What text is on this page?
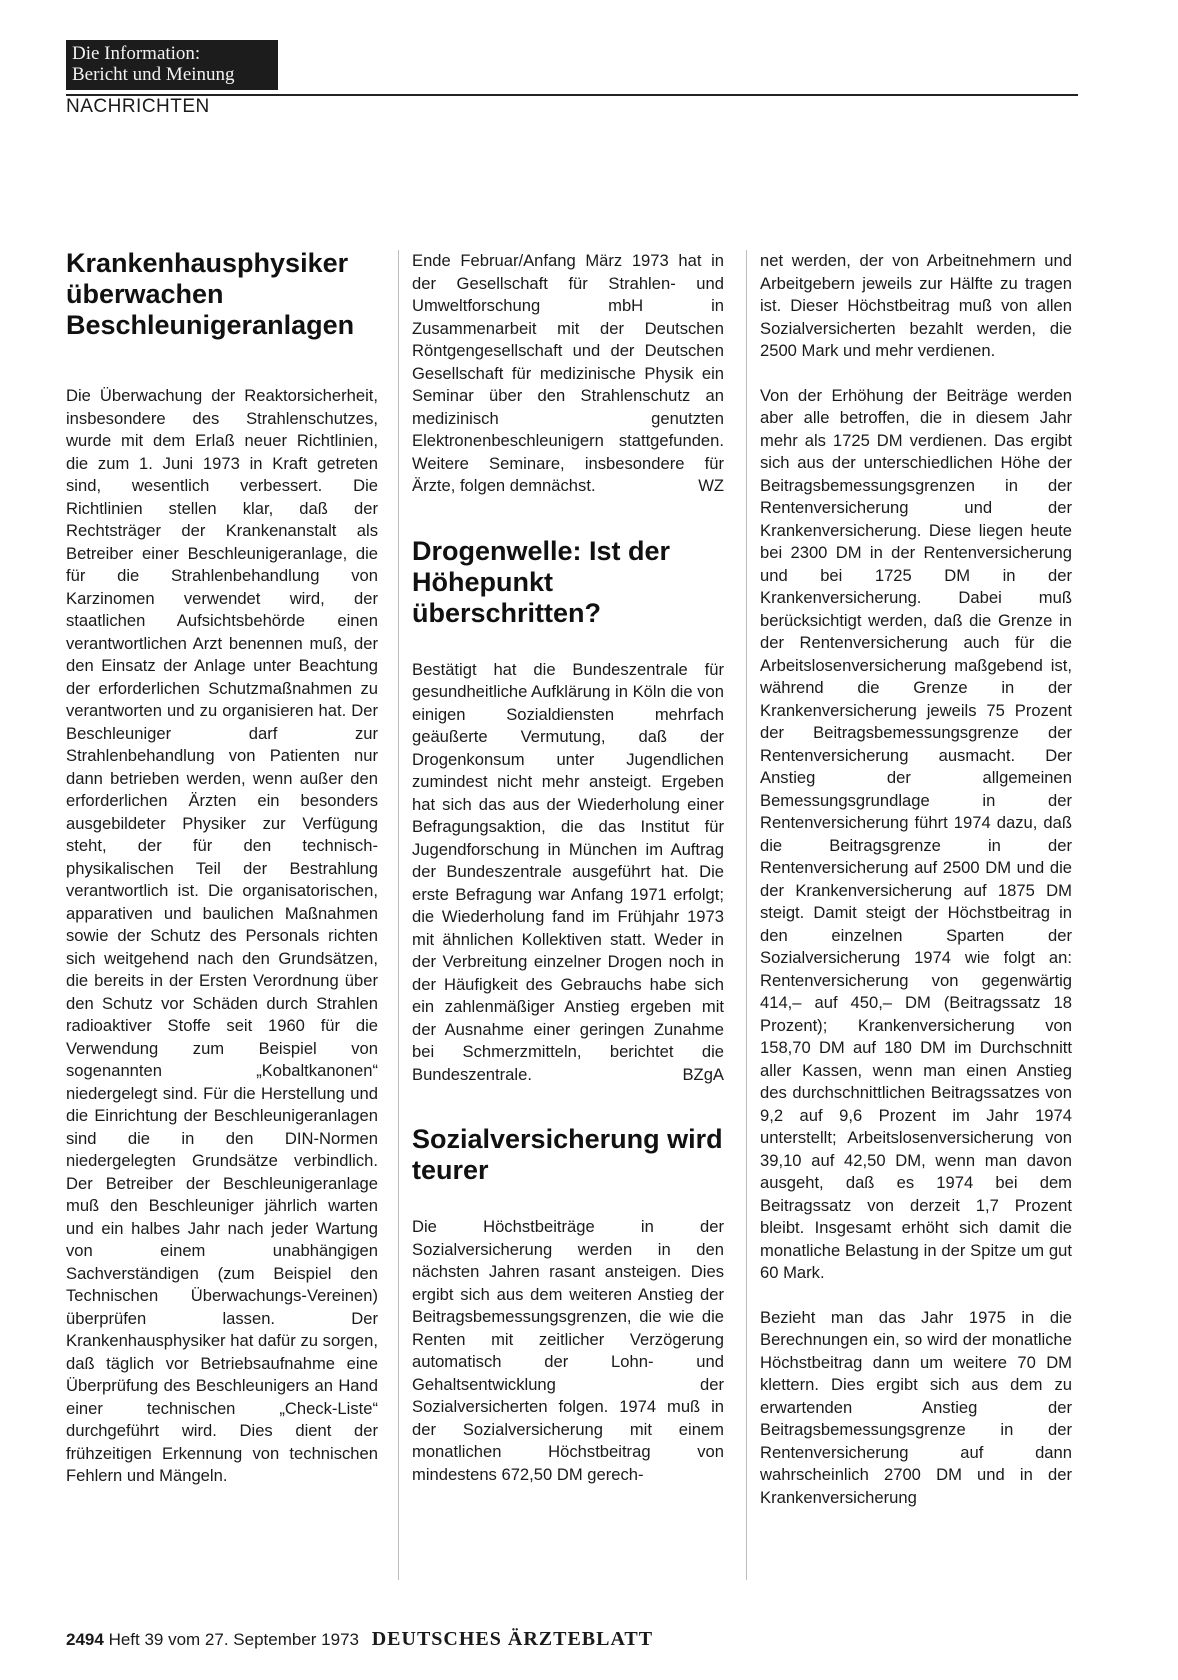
Die Information:
Bericht und Meinung
NACHRICHTEN
Krankenhausphysiker überwachen Beschleunigeranlagen

Die Überwachung der Reaktorsicherheit, insbesondere des Strahlenschutzes, wurde mit dem Erlaß neuer Richtlinien, die zum 1. Juni 1973 in Kraft getreten sind, wesentlich verbessert. Die Richtlinien stellen klar, daß der Rechtsträger der Krankenanstalt als Betreiber einer Beschleunigeranlage, die für die Strahlenbehandlung von Karzinomen verwendet wird, der staatlichen Aufsichtsbehörde einen verantwortlichen Arzt benennen muß, der den Einsatz der Anlage unter Beachtung der erforderlichen Schutzmaßnahmen zu verantworten und zu organisieren hat. Der Beschleuniger darf zur Strahlenbehandlung von Patienten nur dann betrieben werden, wenn außer den erforderlichen Ärzten ein besonders ausgebildeter Physiker zur Verfügung steht, der für den technisch-physikalischen Teil der Bestrahlung verantwortlich ist. Die organisatorischen, apparativen und baulichen Maßnahmen sowie der Schutz des Personals richten sich weitgehend nach den Grundsätzen, die bereits in der Ersten Verordnung über den Schutz vor Schäden durch Strahlen radioaktiver Stoffe seit 1960 für die Verwendung zum Beispiel von sogenannten „Kobaltkanonen“ niedergelegt sind. Für die Herstellung und die Einrichtung der Beschleunigeranlagen sind die in den DIN-Normen niedergelegten Grundsätze verbindlich. Der Betreiber der Beschleunigeranlage muß den Beschleuniger jährlich warten und ein halbes Jahr nach jeder Wartung von einem unabhängigen Sachverständigen (zum Beispiel den Technischen Überwachungs-Vereinen) überprüfen lassen. Der Krankenhausphysiker hat dafür zu sorgen, daß täglich vor Betriebsaufnahme eine Überprüfung des Beschleunigers an Hand einer technischen „Check-Liste“ durchgeführt wird. Dies dient der frühzeitigen Erkennung von technischen Fehlern und Mängeln.

Ende Februar/Anfang März 1973 hat in der Gesellschaft für Strahlen- und Umweltforschung mbH in Zusammenarbeit mit der Deutschen Röntgengesellschaft und der Deutschen Gesellschaft für medizinische Physik ein Seminar über den Strahlenschutz an medizinisch genutzten Elektronenbeschleunigern stattgefunden. Weitere Seminare, insbesondere für Ärzte, folgen demnächst.	WZ
Drogenwelle: Ist der Höhepunkt überschritten?

Bestätigt hat die Bundeszentrale für gesundheitliche Aufklärung in Köln die von einigen Sozialdiensten mehrfach geäußerte Vermutung, daß der Drogenkonsum unter Jugendlichen zumindest nicht mehr ansteigt. Ergeben hat sich das aus der Wiederholung einer Befragungsaktion, die das Institut für Jugendforschung in München im Auftrag der Bundeszentrale ausgeführt hat. Die erste Befragung war Anfang 1971 erfolgt; die Wiederholung fand im Frühjahr 1973 mit ähnlichen Kollektiven statt. Weder in der Verbreitung einzelner Drogen noch in der Häufigkeit des Gebrauchs habe sich ein zahlenmäßiger Anstieg ergeben mit der Ausnahme einer geringen Zunahme bei Schmerzmitteln, berichtet die Bundeszentrale.	BZgA
Sozialversicherung wird teurer

Die Höchstbeiträge in der Sozialversicherung werden in den nächsten Jahren rasant ansteigen. Dies ergibt sich aus dem weiteren Anstieg der Beitragsbemessungsgrenzen, die wie die Renten mit zeitlicher Verzögerung automatisch der Lohn- und Gehaltsentwicklung der Sozialversicherten folgen. 1974 muß in der Sozialversicherung mit einem monatlichen Höchstbeitrag von mindestens 672,50 DM gerech-

net werden, der von Arbeitnehmern und Arbeitgebern jeweils zur Hälfte zu tragen ist. Dieser Höchstbeitrag muß von allen Sozialversicherten bezahlt werden, die 2500 Mark und mehr verdienen.

Von der Erhöhung der Beiträge werden aber alle betroffen, die in diesem Jahr mehr als 1725 DM verdienen. Das ergibt sich aus der unterschiedlichen Höhe der Beitragsbemessungsgrenzen in der Rentenversicherung und der Krankenversicherung. Diese liegen heute bei 2300 DM in der Rentenversicherung und bei 1725 DM in der Krankenversicherung. Dabei muß berücksichtigt werden, daß die Grenze in der Rentenversicherung auch für die Arbeitslosenversicherung maßgebend ist, während die Grenze in der Krankenversicherung jeweils 75 Prozent der Beitragsbemessungsgrenze der Rentenversicherung ausmacht. Der Anstieg der allgemeinen Bemessungsgrundlage in der Rentenversicherung führt 1974 dazu, daß die Beitragsgrenze in der Rentenversicherung auf 2500 DM und die der Krankenversicherung auf 1875 DM steigt. Damit steigt der Höchstbeitrag in den einzelnen Sparten der Sozialversicherung 1974 wie folgt an: Rentenversicherung von gegenwärtig 414,– auf 450,– DM (Beitragssatz 18 Prozent); Krankenversicherung von 158,70 DM auf 180 DM im Durchschnitt aller Kassen, wenn man einen Anstieg des durchschnittlichen Beitragssatzes von 9,2 auf 9,6 Prozent im Jahr 1974 unterstellt; Arbeitslosenversicherung von 39,10 auf 42,50 DM, wenn man davon ausgeht, daß es 1974 bei dem Beitragssatz von derzeit 1,7 Prozent bleibt. Insgesamt erhöht sich damit die monatliche Belastung in der Spitze um gut 60 Mark.

Bezieht man das Jahr 1975 in die Berechnungen ein, so wird der monatliche Höchstbeitrag dann um weitere 70 DM klettern. Dies ergibt sich aus dem zu erwartenden Anstieg der Beitragsbemessungsgrenze in der Rentenversicherung auf dann wahrscheinlich 2700 DM und in der Krankenversicherung

2494 Heft 39 vom 27. September 1973 DEUTSCHES ÄRZTEBLATT
